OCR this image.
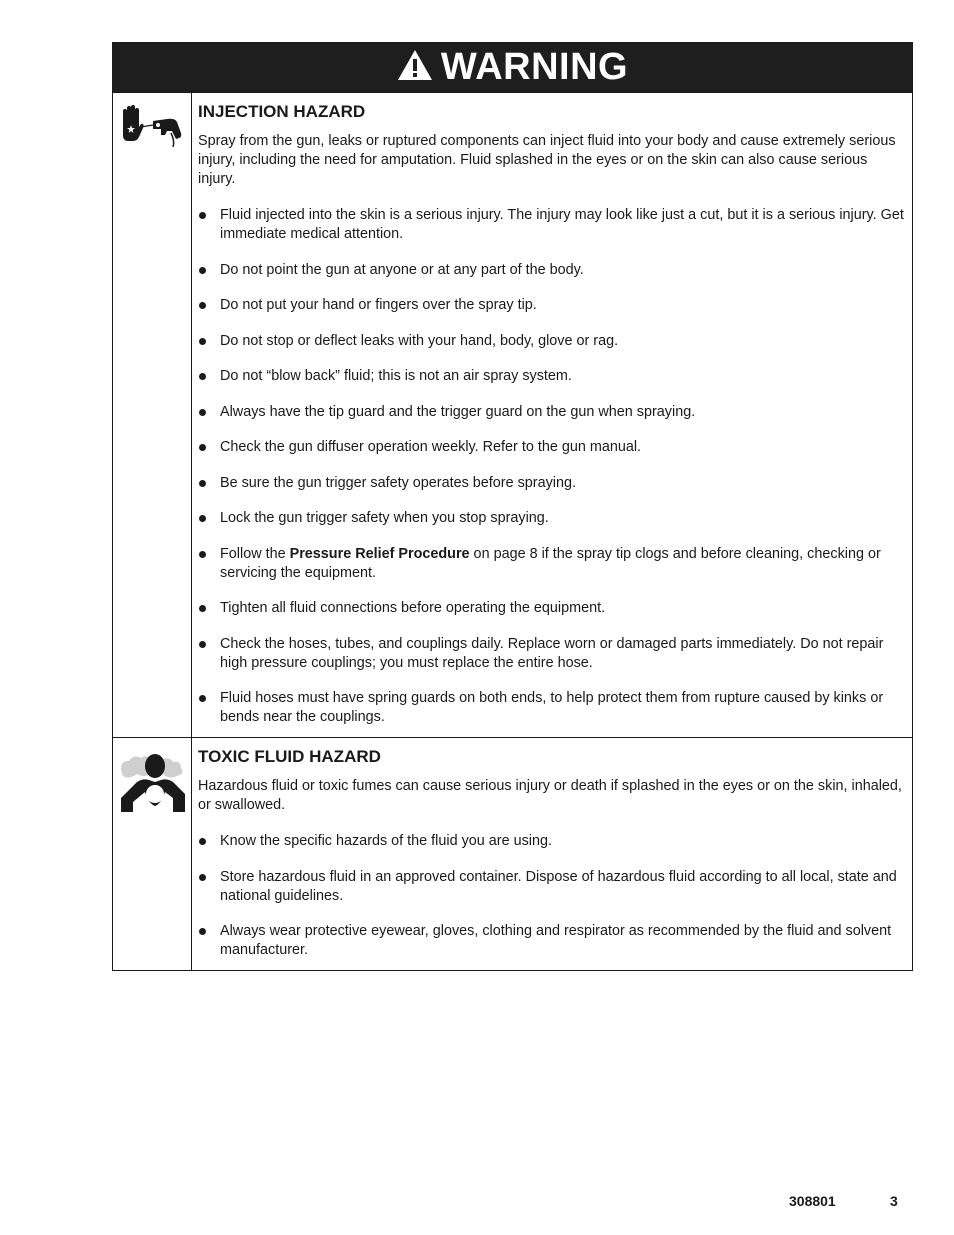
WARNING
INJECTION HAZARD

Spray from the gun, leaks or ruptured components can inject fluid into your body and cause extremely serious injury, including the need for amputation. Fluid splashed in the eyes or on the skin can also cause serious injury.

Fluid injected into the skin is a serious injury. The injury may look like just a cut, but it is a serious injury. Get immediate medical attention.
Do not point the gun at anyone or at any part of the body.
Do not put your hand or fingers over the spray tip.
Do not stop or deflect leaks with your hand, body, glove or rag.
Do not “blow back” fluid; this is not an air spray system.
Always have the tip guard and the trigger guard on the gun when spraying.
Check the gun diffuser operation weekly. Refer to the gun manual.
Be sure the gun trigger safety operates before spraying.
Lock the gun trigger safety when you stop spraying.
Follow the Pressure Relief Procedure on page 8 if the spray tip clogs and before cleaning, checking or servicing the equipment.
Tighten all fluid connections before operating the equipment.
Check the hoses, tubes, and couplings daily. Replace worn or damaged parts immediately. Do not repair high pressure couplings; you must replace the entire hose.
Fluid hoses must have spring guards on both ends, to help protect them from rupture caused by kinks or bends near the couplings.
TOXIC FLUID HAZARD

Hazardous fluid or toxic fumes can cause serious injury or death if splashed in the eyes or on the skin, inhaled, or swallowed.

Know the specific hazards of the fluid you are using.
Store hazardous fluid in an approved container. Dispose of hazardous fluid according to all local, state and national guidelines.
Always wear protective eyewear, gloves, clothing and respirator as recommended by the fluid and solvent manufacturer.
308801	3
